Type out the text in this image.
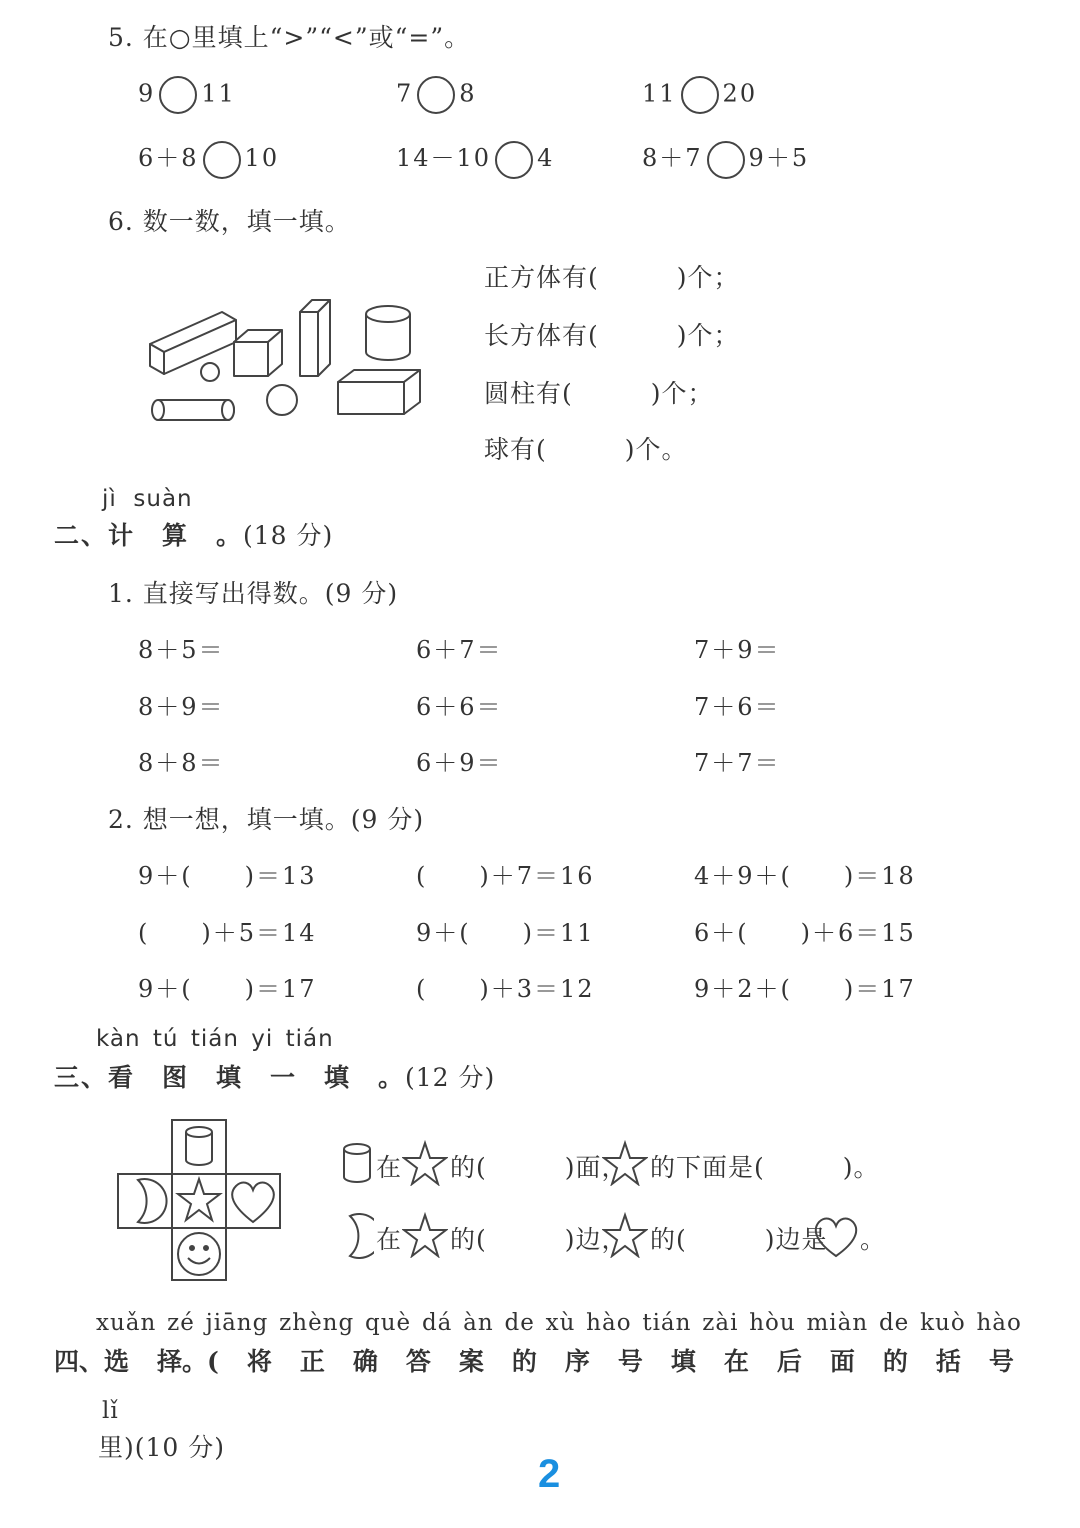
5. 在○里填上“>”“<”或“=”。
9 11	7 8	11 20
6＋8 10	14－10 4	8＋7 9＋5
6. 数一数，填一填。
正方体有(　　　)个；
长方体有(　　　)个；
圆柱有(　　　)个；
球有(　　　)个。
jì suàn
二、计　算　。(18 分)
1. 直接写出得数。(9 分)
8＋5＝	6＋7＝	7＋9＝
8＋9＝	6＋6＝	7＋6＝
8＋8＝	6＋9＝	7＋7＝
2. 想一想，填一填。(9 分)
9＋(　　)＝13	(　　)＋7＝16	4＋9＋(　　)＝18
(　　)＋5＝14	9＋(　　)＝11	6＋(　　)＋6＝15
9＋(　　)＝17	(　　)＋3＝12	9＋2＋(　　)＝17
kàn tú tián yi tián
三、看　图　填　一　填　。(12 分)
在 的(　　　)面， 的下面是(　　　)。
在 的(　　　)边， 的(　　　)边是 。
xuǎn zé jiāng zhèng què dá àn de xù hào tián zài hòu miàn de kuò hào
四、选 择。( 将 正 确 答 案 的 序 号 填 在 后 面 的 括 号
lǐ
里)(10 分)
2
